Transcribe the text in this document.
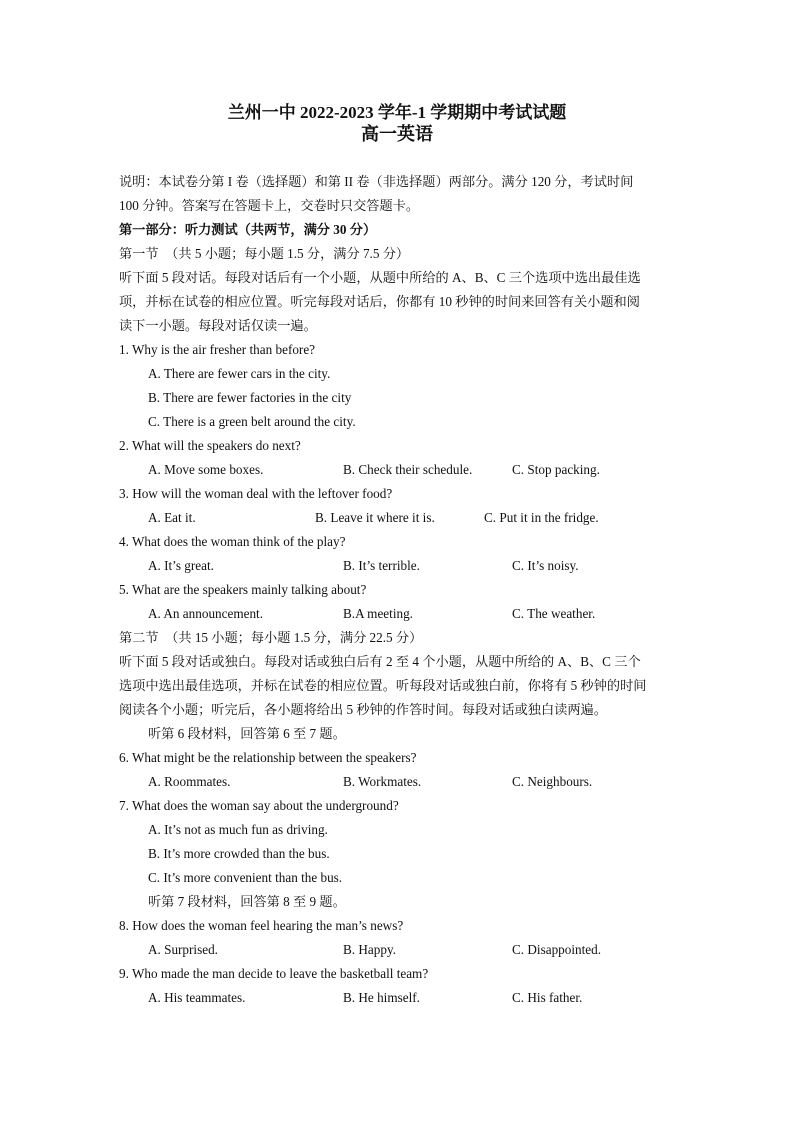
兰州一中 2022-2023 学年-1 学期期中考试试题
高一英语
说明：本试卷分第 I 卷（选择题）和第 II 卷（非选择题）两部分。满分 120 分，考试时间
100 分钟。答案写在答题卡上，交卷时只交答题卡。
第一部分：听力测试（共两节，满分 30 分）
第一节　（共 5 小题；每小题 1.5 分，满分 7.5 分）
听下面 5 段对话。每段对话后有一个小题，从题中所给的 A、B、C 三个选项中选出最佳选
项，并标在试卷的相应位置。听完每段对话后，你都有 10 秒钟的时间来回答有关小题和阅
读下一小题。每段对话仅读一遍。
1. Why is the air fresher than before?
A. There are fewer cars in the city.
B. There are fewer factories in the city
C. There is a green belt around the city.
2. What will the speakers do next?
A. Move some boxes.	B. Check their schedule.	C. Stop packing.
3. How will the woman deal with the leftover food?
A. Eat it.	B. Leave it where it is.	C. Put it in the fridge.
4. What does the woman think of the play?
A. It’s great.	B. It’s terrible.	C. It’s noisy.
5. What are the speakers mainly talking about?
A. An announcement.	B.A meeting.	C. The weather.
第二节　（共 15 小题；每小题 1.5 分，满分 22.5 分）
听下面 5 段对话或独白。每段对话或独白后有 2 至 4 个小题，从题中所给的 A、B、C 三个
选项中选出最佳选项，并标在试卷的相应位置。听每段对话或独白前，你将有 5 秒钟的时间
阅读各个小题；听完后，各小题将给出 5 秒钟的作答时间。每段对话或独白读两遍。
听第 6 段材料，回答第 6 至 7 题。
6. What might be the relationship between the speakers?
A. Roommates.	B. Workmates.	C. Neighbours.
7. What does the woman say about the underground?
A. It’s not as much fun as driving.
B. It’s more crowded than the bus.
C. It’s more convenient than the bus.
听第 7 段材料，回答第 8 至 9 题。
8. How does the woman feel hearing the man’s news?
A. Surprised.	B. Happy.	C. Disappointed.
9. Who made the man decide to leave the basketball team?
A. His teammates.	B. He himself.	C. His father.
